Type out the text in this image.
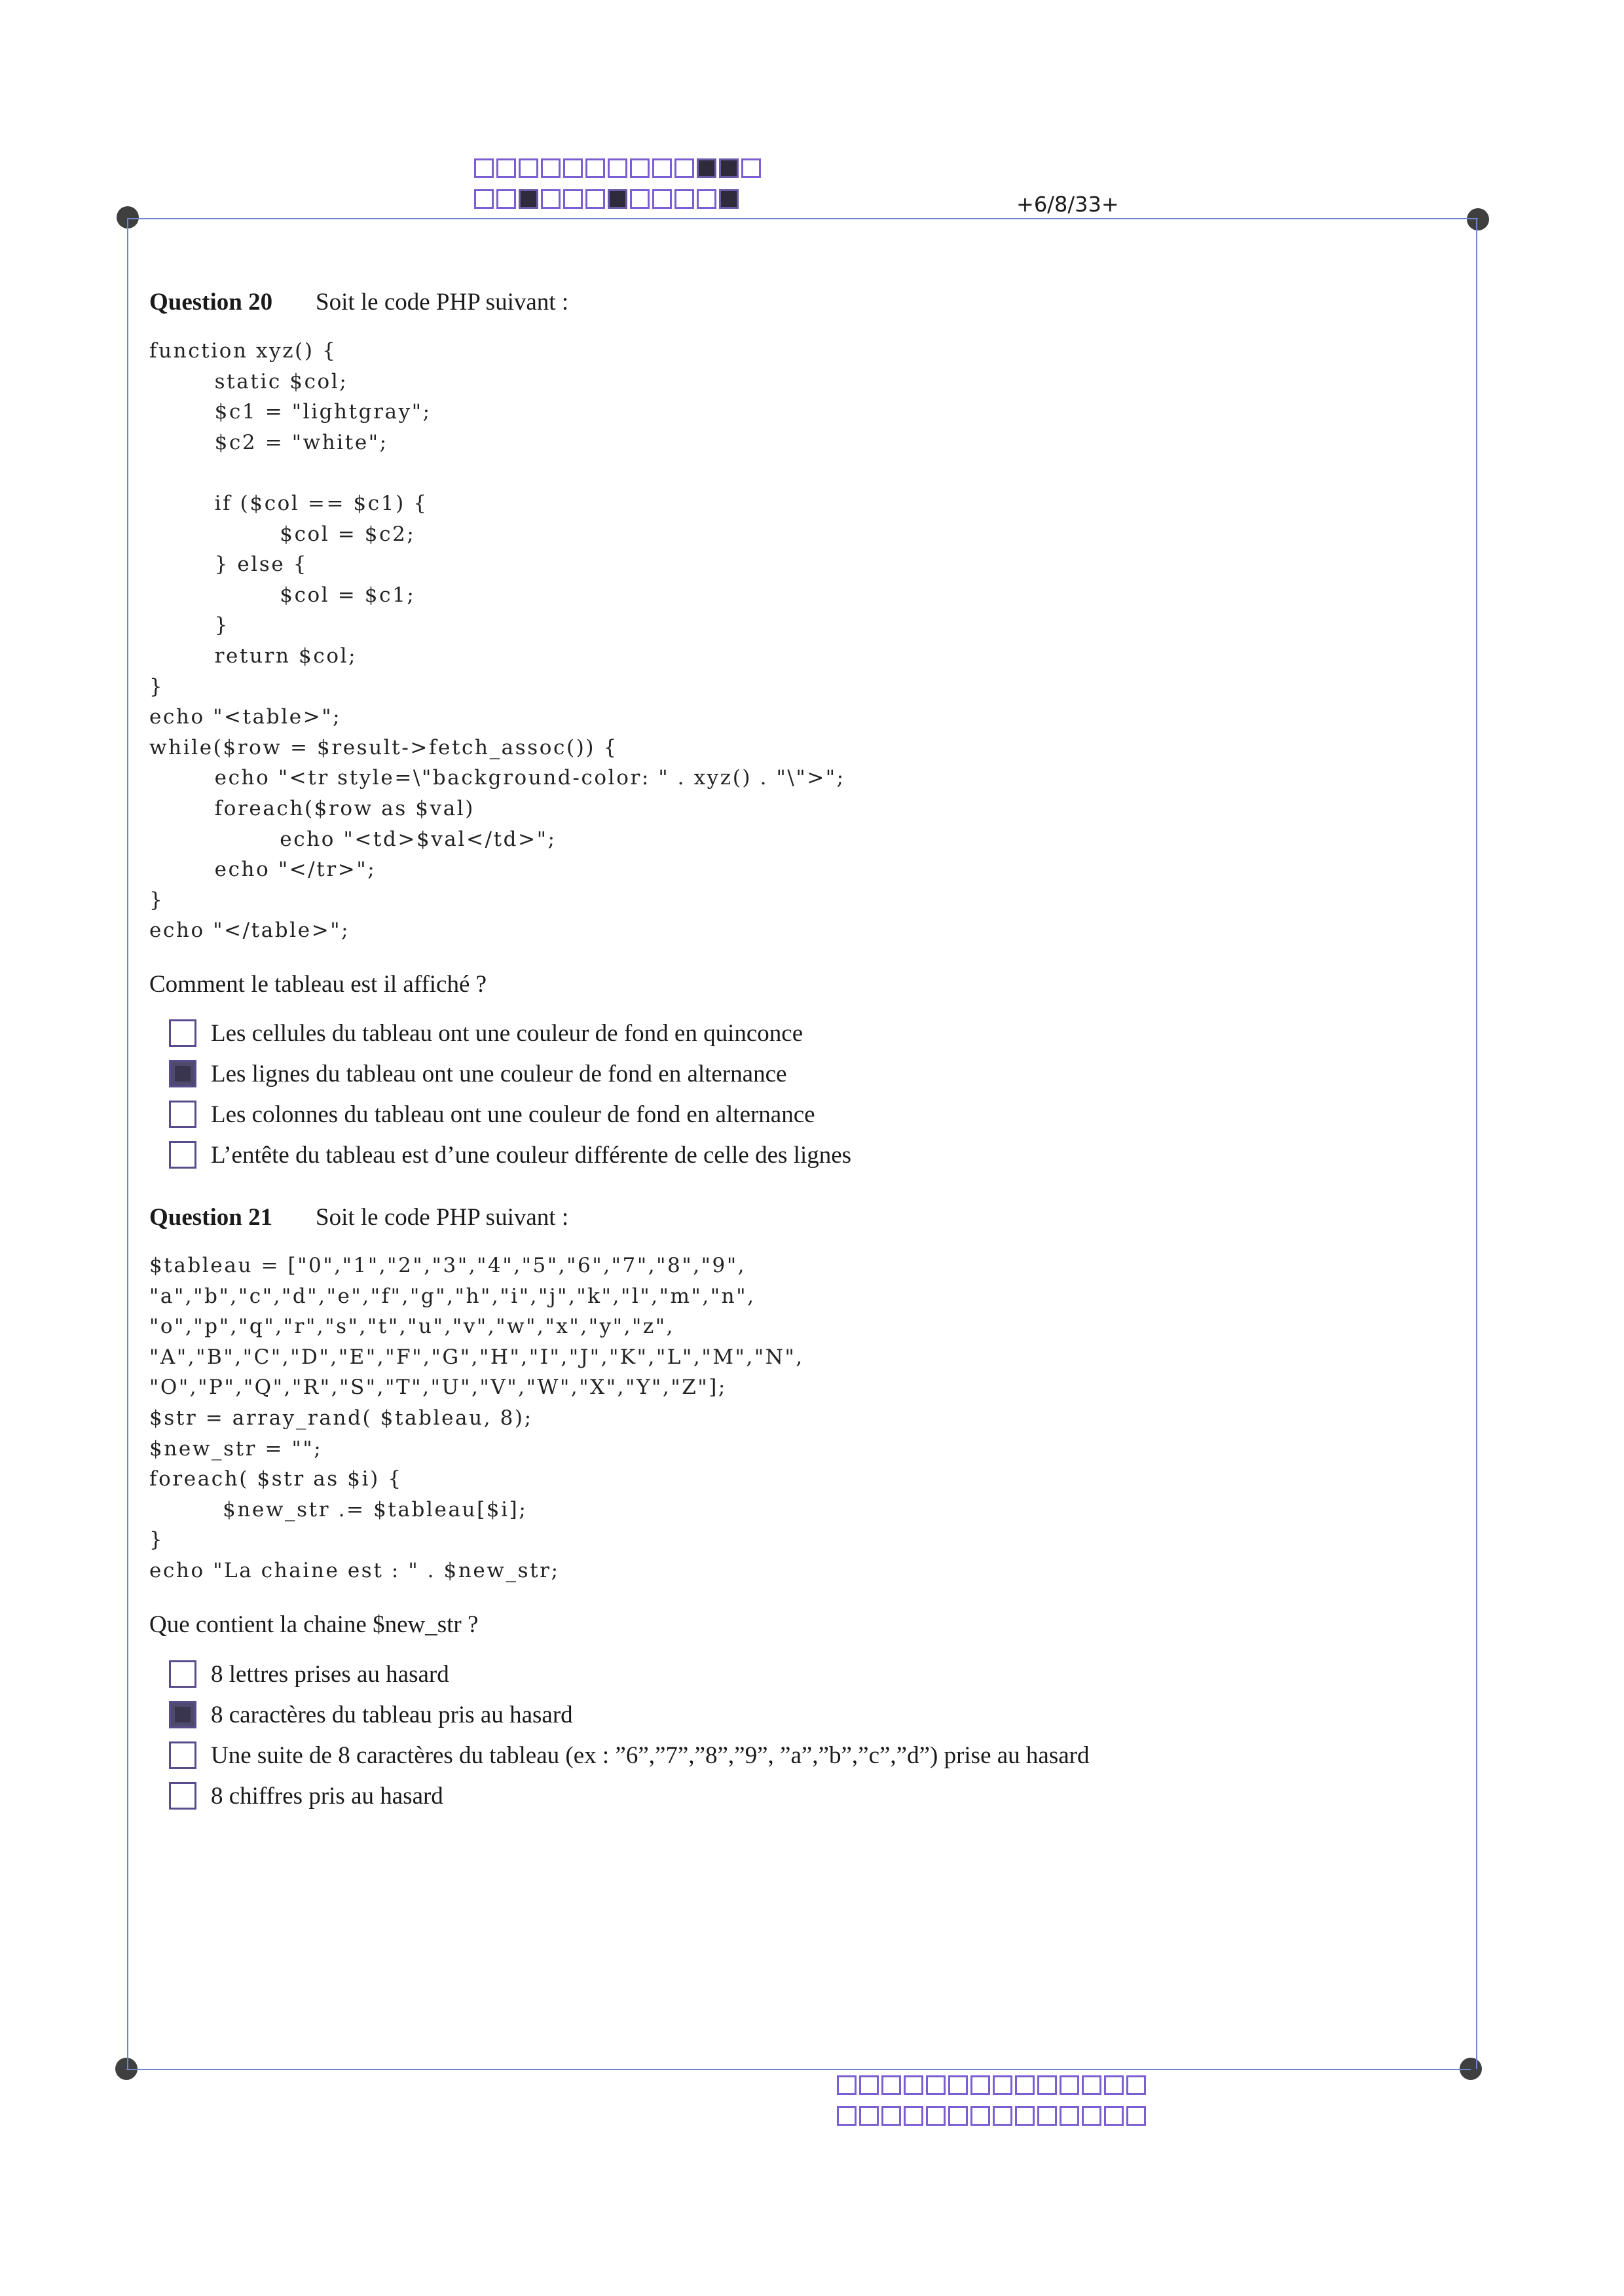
+6/8/33+
Question 20 Soit le code PHP suivant :
function xyz() {
static $col;
$c1 = "lightgray";
$c2 = "white";

if ($col == $c1) {
$col = $c2;
} else {
$col = $c1;
}
return $col;
}
echo "<table>";
while($row = $result->fetch_assoc()) {
echo "<tr style=\"background-color: " . xyz() . "\">";
foreach($row as $val)
echo "<td>$val</td>";
echo "</tr>";
}
echo "</table>";
Comment le tableau est il affiché ?
Les cellules du tableau ont une couleur de fond en quinconce
Les lignes du tableau ont une couleur de fond en alternance
Les colonnes du tableau ont une couleur de fond en alternance
L’entête du tableau est d’une couleur différente de celle des lignes
Question 21 Soit le code PHP suivant :
$tableau = ["0","1","2","3","4","5","6","7","8","9",
"a","b","c","d","e","f","g","h","i","j","k","l","m","n",
"o","p","q","r","s","t","u","v","w","x","y","z",
"A","B","C","D","E","F","G","H","I","J","K","L","M","N",
"O","P","Q","R","S","T","U","V","W","X","Y","Z"];
$str = array_rand( $tableau, 8);
$new_str = "";
foreach( $str as $i) {
$new_str .= $tableau[$i];
}
echo "La chaine est : " . $new_str;
Que contient la chaine $new_str ?
8 lettres prises au hasard
8 caractères du tableau pris au hasard
Une suite de 8 caractères du tableau (ex : ”6”,”7”,”8”,”9”, ”a”,”b”,”c”,”d”) prise au hasard
8 chiffres pris au hasard
